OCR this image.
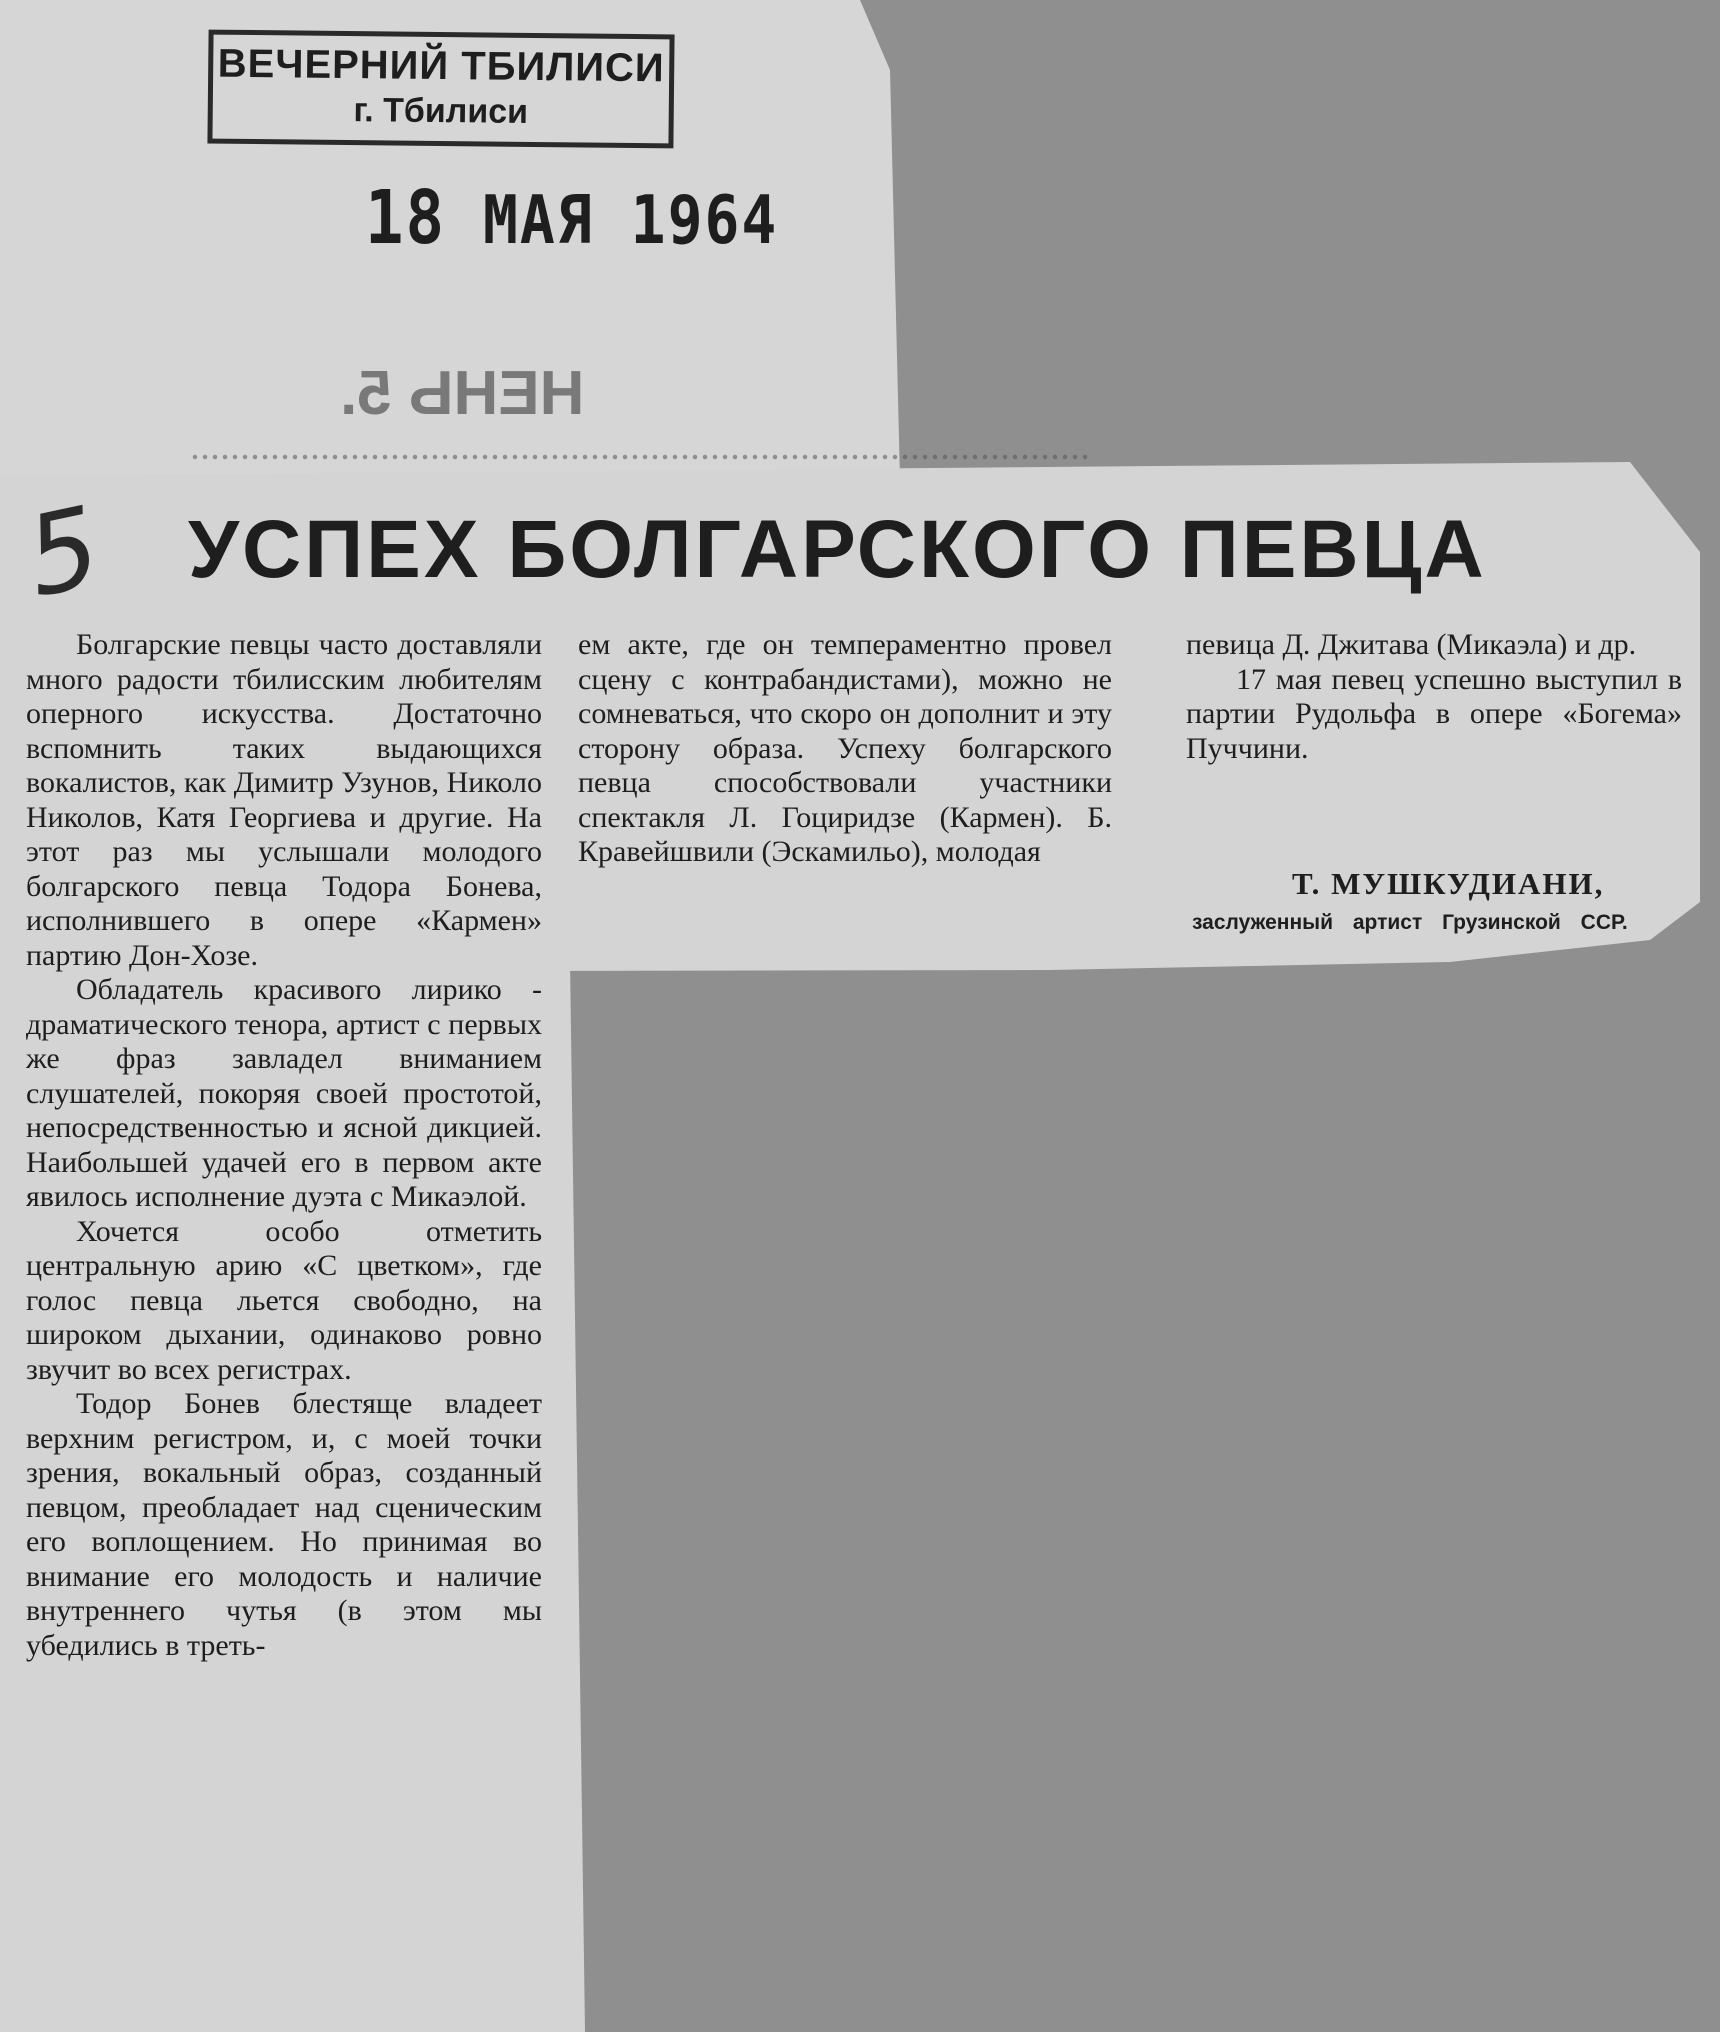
ВЕЧЕРНИЙ ТБИЛИСИ
г. Тбилиси
18 МАЯ 1964
НЕНЬ 5.
5 УСПЕХ БОЛГАРСКОГО ПЕВЦА

Болгарские певцы часто доставляли много радости тбилисским любителям оперного искусства. Достаточно вспомнить таких выдающихся вокалистов, как Димитр Узунов, Николо Николов, Катя Георгиева и другие. На этот раз мы услышали молодого болгарского певца Тодора Бонева, исполнившего в опере «Кармен» партию Дон-Хозе.

Обладатель красивого лирико - драматического тенора, артист с первых же фраз завладел вниманием слушателей, покоряя своей простотой, непосредственностью и ясной дикцией. Наибольшей удачей его в первом акте явилось исполнение дуэта с Микаэлой.

Хочется особо отметить центральную арию «С цветком», где голос певца льется свободно, на широком дыхании, одинаково ровно звучит во всех регистрах.

Тодор Бонев блестяще владеет верхним регистром, и, с моей точки зрения, вокальный образ, созданный певцом, преобладает над сценическим его воплощением. Но принимая во внимание его молодость и наличие внутреннего чутья (в этом мы убедились в треть-

ем акте, где он темпераментно провел сцену с контрабандистами), можно не сомневаться, что скоро он дополнит и эту сторону образа. Успеху болгарского певца способствовали участники спектакля Л. Гоциридзе (Кармен). Б. Кравейшвили (Эскамильо), молодая

певица Д. Джитава (Микаэла) и др.

17 мая певец успешно выступил в партии Рудольфа в опере «Богема» Пуччини.

Т. МУШКУДИАНИ,
заслуженный артист Грузинской ССР.
